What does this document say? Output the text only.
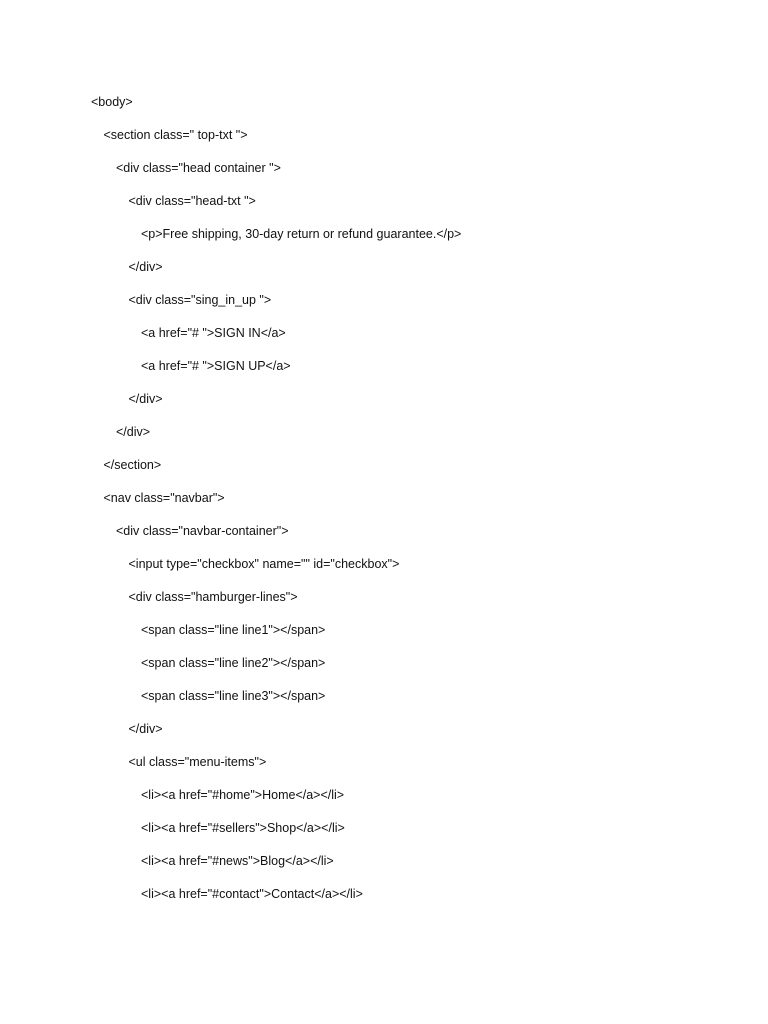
<body>
<section class=" top-txt ">
<div class="head container ">
<div class="head-txt ">
<p>Free shipping, 30-day return or refund guarantee.</p>
</div>
<div class="sing_in_up ">
<a href="# ">SIGN IN</a>
<a href="# ">SIGN UP</a>
</div>
</div>
</section>
<nav class="navbar">
<div class="navbar-container">
<input type="checkbox" name="" id="checkbox">
<div class="hamburger-lines">
<span class="line line1"></span>
<span class="line line2"></span>
<span class="line line3"></span>
</div>
<ul class="menu-items">
<li><a href="#home">Home</a></li>
<li><a href="#sellers">Shop</a></li>
<li><a href="#news">Blog</a></li>
<li><a href="#contact">Contact</a></li>
